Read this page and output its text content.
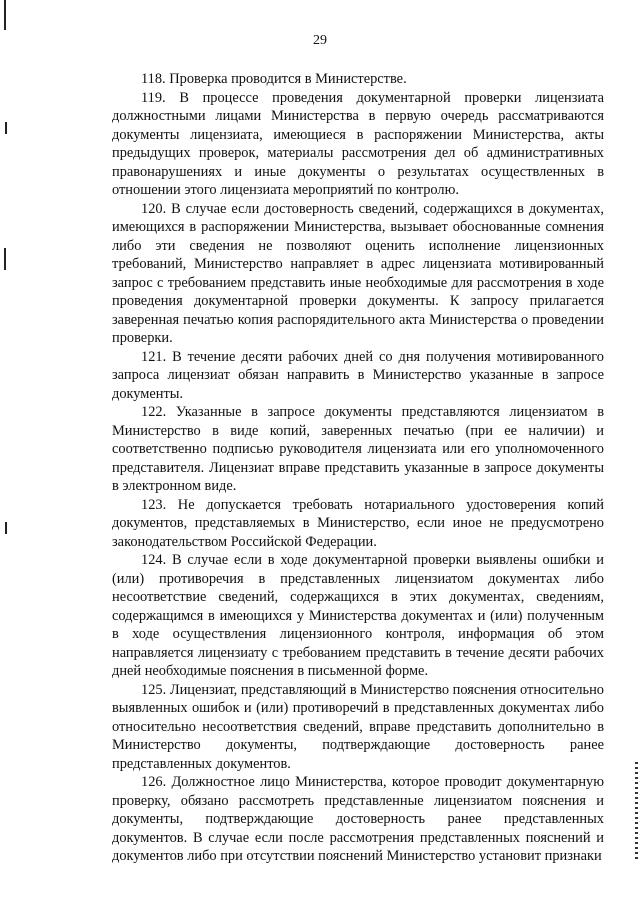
29

118. Проверка проводится в Министерстве.

119. В процессе проведения документарной проверки лицензиата должностными лицами Министерства в первую очередь рассматриваются документы лицензиата, имеющиеся в распоряжении Министерства, акты предыдущих проверок, материалы рассмотрения дел об административных правонарушениях и иные документы о результатах осуществленных в отношении этого лицензиата мероприятий по контролю.

120. В случае если достоверность сведений, содержащихся в документах, имеющихся в распоряжении Министерства, вызывает обоснованные сомнения либо эти сведения не позволяют оценить исполнение лицензионных требований, Министерство направляет в адрес лицензиата мотивированный запрос с требованием представить иные необходимые для рассмотрения в ходе проведения документарной проверки документы. К запросу прилагается заверенная печатью копия распорядительного акта Министерства о проведении проверки.

121. В течение десяти рабочих дней со дня получения мотивированного запроса лицензиат обязан направить в Министерство указанные в запросе документы.

122. Указанные в запросе документы представляются лицензиатом в Министерство в виде копий, заверенных печатью (при ее наличии) и соответственно подписью руководителя лицензиата или его уполномоченного представителя. Лицензиат вправе представить указанные в запросе документы в электронном виде.

123. Не допускается требовать нотариального удостоверения копий документов, представляемых в Министерство, если иное не предусмотрено законодательством Российской Федерации.

124. В случае если в ходе документарной проверки выявлены ошибки и (или) противоречия в представленных лицензиатом документах либо несоответствие сведений, содержащихся в этих документах, сведениям, содержащимся в имеющихся у Министерства документах и (или) полученным в ходе осуществления лицензионного контроля, информация об этом направляется лицензиату с требованием представить в течение десяти рабочих дней необходимые пояснения в письменной форме.

125. Лицензиат, представляющий в Министерство пояснения относительно выявленных ошибок и (или) противоречий в представленных документах либо относительно несоответствия сведений, вправе представить дополнительно в Министерство документы, подтверждающие достоверность ранее представленных документов.

126. Должностное лицо Министерства, которое проводит документарную проверку, обязано рассмотреть представленные лицензиатом пояснения и документы, подтверждающие достоверность ранее представленных документов. В случае если после рассмотрения представленных пояснений и документов либо при отсутствии пояснений Министерство установит признаки
